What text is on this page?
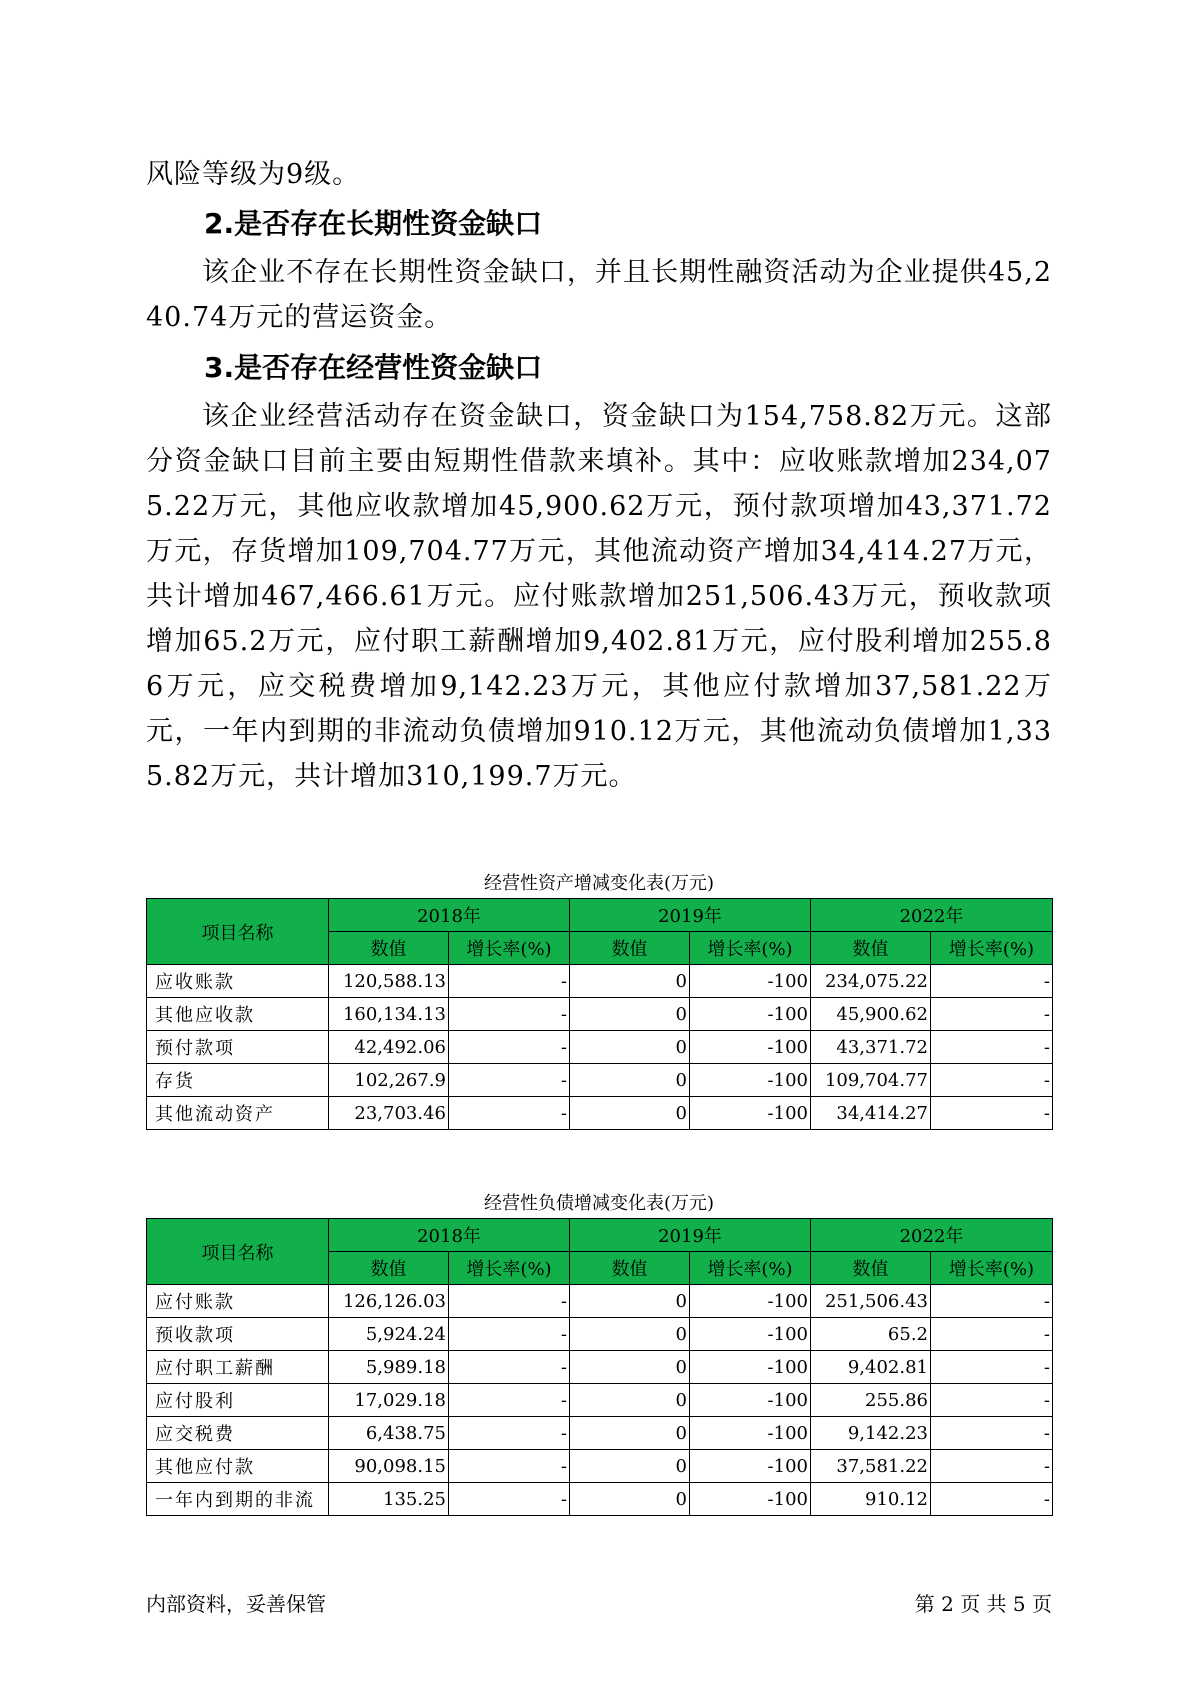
风险等级为9级。

2.是否存在长期性资金缺口

该企业不存在长期性资金缺口，并且长期性融资活动为企业提供45,240.74万元的营运资金。

3.是否存在经营性资金缺口

该企业经营活动存在资金缺口，资金缺口为154,758.82万元。这部分资金缺口目前主要由短期性借款来填补。其中：应收账款增加234,075.22万元，其他应收款增加45,900.62万元，预付款项增加43,371.72万元，存货增加109,704.77万元，其他流动资产增加34,414.27万元，共计增加467,466.61万元。应付账款增加251,506.43万元，预收款项增加65.2万元，应付职工薪酬增加9,402.81万元，应付股利增加255.86万元，应交税费增加9,142.23万元，其他应付款增加37,581.22万元，一年内到期的非流动负债增加910.12万元，其他流动负债增加1,335.82万元，共计增加310,199.7万元。

经营性资产增减变化表(万元)
项目名称	2018年		2019年		2022年	
	数值	增长率(%)	数值	增长率(%)	数值	增长率(%)
应收账款	120,588.13	-	0	-100	234,075.22	-
其他应收款	160,134.13	-	0	-100	45,900.62	-
预付款项	42,492.06	-	0	-100	43,371.72	-
存货	102,267.9	-	0	-100	109,704.77	-
其他流动资产	23,703.46	-	0	-100	34,414.27	-
经营性负债增减变化表(万元)
项目名称	2018年		2019年		2022年	
	数值	增长率(%)	数值	增长率(%)	数值	增长率(%)
应付账款	126,126.03	-	0	-100	251,506.43	-
预收款项	5,924.24	-	0	-100	65.2	-
应付职工薪酬	5,989.18	-	0	-100	9,402.81	-
应付股利	17,029.18	-	0	-100	255.86	-
应交税费	6,438.75	-	0	-100	9,142.23	-
其他应付款	90,098.15	-	0	-100	37,581.22	-
一年内到期的非流	135.25	-	0	-100	910.12	-
内部资料，妥善保管	第 2 页 共 5 页
